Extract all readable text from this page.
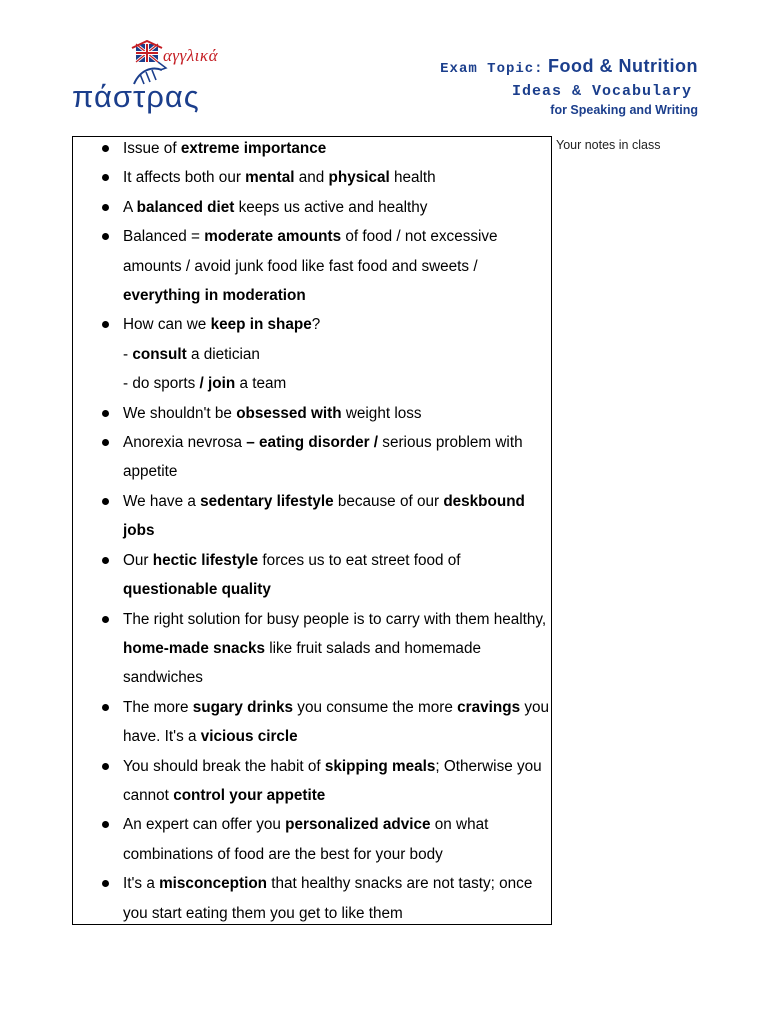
αγγλικά
πάστρας
Exam Topic: Food & Nutrition
Ideas & Vocabulary
for Speaking and Writing
Your notes in class
Issue of extreme importance
It affects both our mental and physical health
A balanced diet keeps us active and healthy
Balanced = moderate amounts of food / not excessive amounts / avoid junk food like fast food and sweets / everything in moderation
How can we keep in shape?
- consult a dietician
- do sports / join a team
We shouldn't be obsessed with weight loss
Anorexia nevrosa – eating disorder / serious problem with appetite
We have a sedentary lifestyle because of our deskbound jobs
Our hectic lifestyle forces us to eat street food of questionable quality
The right solution for busy people is to carry with them healthy, home-made snacks like fruit salads and homemade sandwiches
The more sugary drinks you consume the more cravings you have. It's a vicious circle
You should break the habit of skipping meals; Otherwise you cannot control your appetite
An expert can offer you personalized advice on what combinations of food are the best for your body
It's a misconception that healthy snacks are not tasty; once you start eating them you get to like them
